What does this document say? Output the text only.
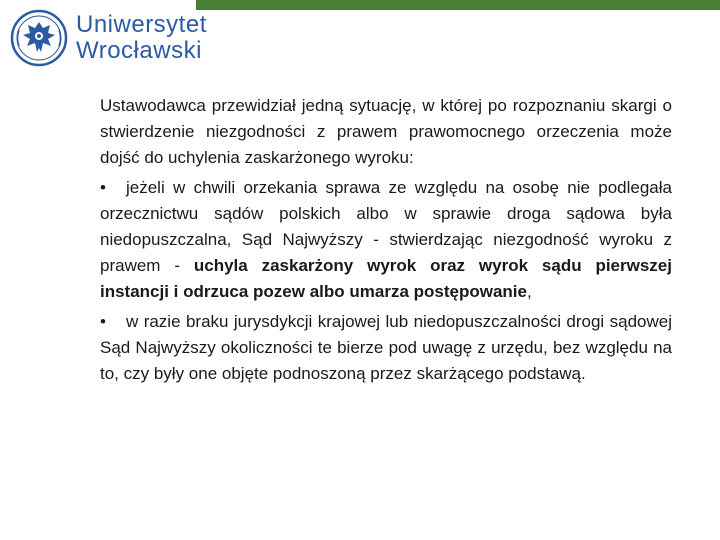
Uniwersytet
Wrocławski

Ustawodawca przewidział jedną sytuację, w której po rozpoznaniu skargi o stwierdzenie niezgodności z prawem prawomocnego orzeczenia może dojść do uchylenia zaskarżonego wyroku:

• jeżeli w chwili orzekania sprawa ze względu na osobę nie podlegała orzecznictwu sądów polskich albo w sprawie droga sądowa była niedopuszczalna, Sąd Najwyższy - stwierdzając niezgodność wyroku z prawem - uchyla zaskarżony wyrok oraz wyrok sądu pierwszej instancji i odrzuca pozew albo umarza postępowanie,

• w razie braku jurysdykcji krajowej lub niedopuszczalności drogi sądowej Sąd Najwyższy okoliczności te bierze pod uwagę z urzędu, bez względu na to, czy były one objęte podnoszoną przez skarżącego podstawą.
